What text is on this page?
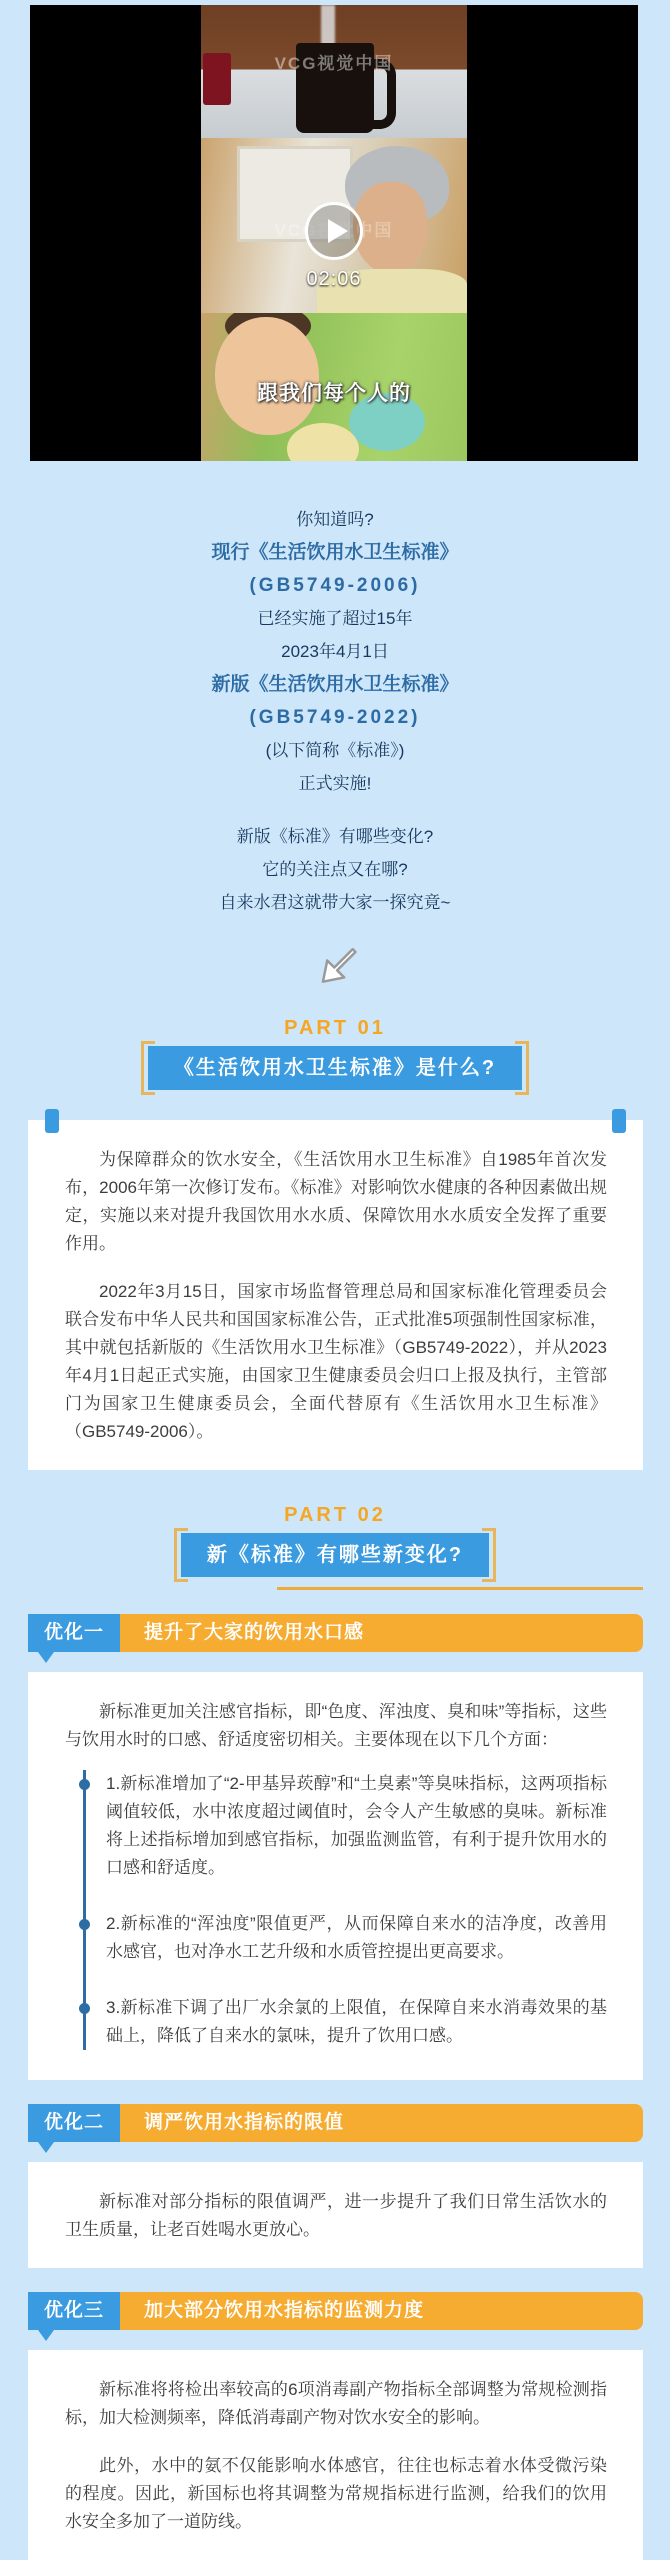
VCG视觉中国
VCG视觉中国
跟我们每个人的
02:06

你知道吗?

现行《生活饮用水卫生标准》

(GB5749-2006)

已经实施了超过15年

2023年4月1日

新版《生活饮用水卫生标准》

(GB5749-2022)

(以下简称《标准》)

正式实施!

新版《标准》有哪些变化?

它的关注点又在哪?

自来水君这就带大家一探究竟~

PART 01
《生活饮用水卫生标准》是什么?

为保障群众的饮水安全，《生活饮用水卫生标准》自1985年首次发布，2006年第一次修订发布。《标准》对影响饮水健康的各种因素做出规定，实施以来对提升我国饮用水水质、保障饮用水水质安全发挥了重要作用。

2022年3月15日，国家市场监督管理总局和国家标准化管理委员会联合发布中华人民共和国国家标准公告，正式批准5项强制性国家标准，其中就包括新版的《生活饮用水卫生标准》（GB5749-2022），并从2023年4月1日起正式实施，由国家卫生健康委员会归口上报及执行，主管部门为国家卫生健康委员会，全面代替原有《生活饮用水卫生标准》（GB5749-2006）。

PART 02
新《标准》有哪些新变化?
优化一	提升了大家的饮用水口感

新标准更加关注感官指标，即“色度、浑浊度、臭和味”等指标，这些与饮用水时的口感、舒适度密切相关。主要体现在以下几个方面：

1.新标准增加了“2-甲基异莰醇”和“土臭素”等臭味指标，这两项指标阈值较低，水中浓度超过阈值时，会令人产生敏感的臭味。新标准将上述指标增加到感官指标，加强监测监管，有利于提升饮用水的口感和舒适度。

2.新标准的“浑浊度”限值更严，从而保障自来水的洁净度，改善用水感官，也对净水工艺升级和水质管控提出更高要求。

3.新标准下调了出厂水余氯的上限值，在保障自来水消毒效果的基础上，降低了自来水的氯味，提升了饮用口感。

优化二	调严饮用水指标的限值

新标准对部分指标的限值调严，进一步提升了我们日常生活饮水的卫生质量，让老百姓喝水更放心。

优化三	加大部分饮用水指标的监测力度

新标准将将检出率较高的6项消毒副产物指标全部调整为常规检测指标，加大检测频率，降低消毒副产物对饮水安全的影响。

此外，水中的氨不仅能影响水体感官，往往也标志着水体受微污染的程度。因此，新国标也将其调整为常规指标进行监测，给我们的饮用水安全多加了一道防线。
